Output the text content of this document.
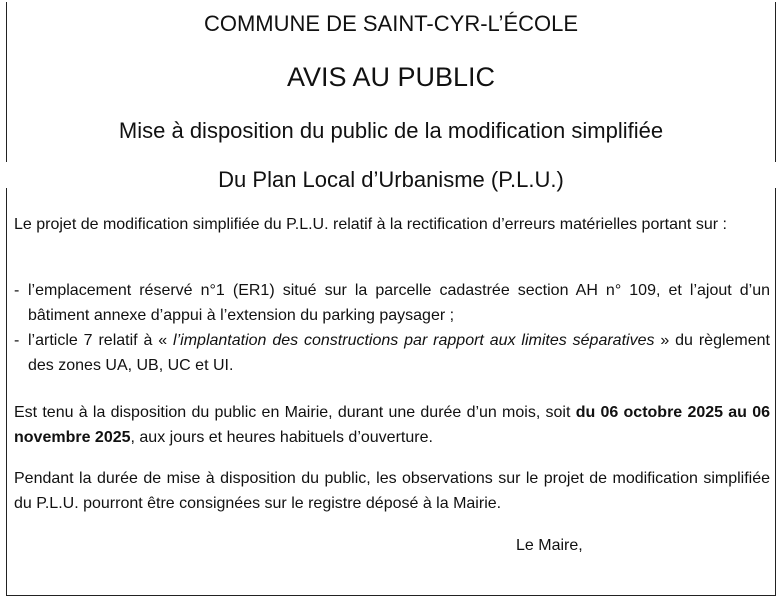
COMMUNE DE SAINT-CYR-L’ÉCOLE
AVIS AU PUBLIC
Mise à disposition du public de la modification simplifiée
Du Plan Local d’Urbanisme (P.L.U.)
Le projet de modification simplifiée du P.L.U. relatif à la rectification d’erreurs matérielles portant sur :
- l’emplacement réservé n°1 (ER1) situé sur la parcelle cadastrée section AH n° 109, et l’ajout d’un bâtiment annexe d’appui à l’extension du parking paysager ;
- l’article 7 relatif à « l’implantation des constructions par rapport aux limites séparatives » du règlement des zones UA, UB, UC et UI.
Est tenu à la disposition du public en Mairie, durant une durée d’un mois, soit du 06 octobre 2025 au 06 novembre 2025, aux jours et heures habituels d’ouverture.
Pendant la durée de mise à disposition du public, les observations sur le projet de modification simplifiée du P.L.U. pourront être consignées sur le registre déposé à la Mairie.
Le Maire,
